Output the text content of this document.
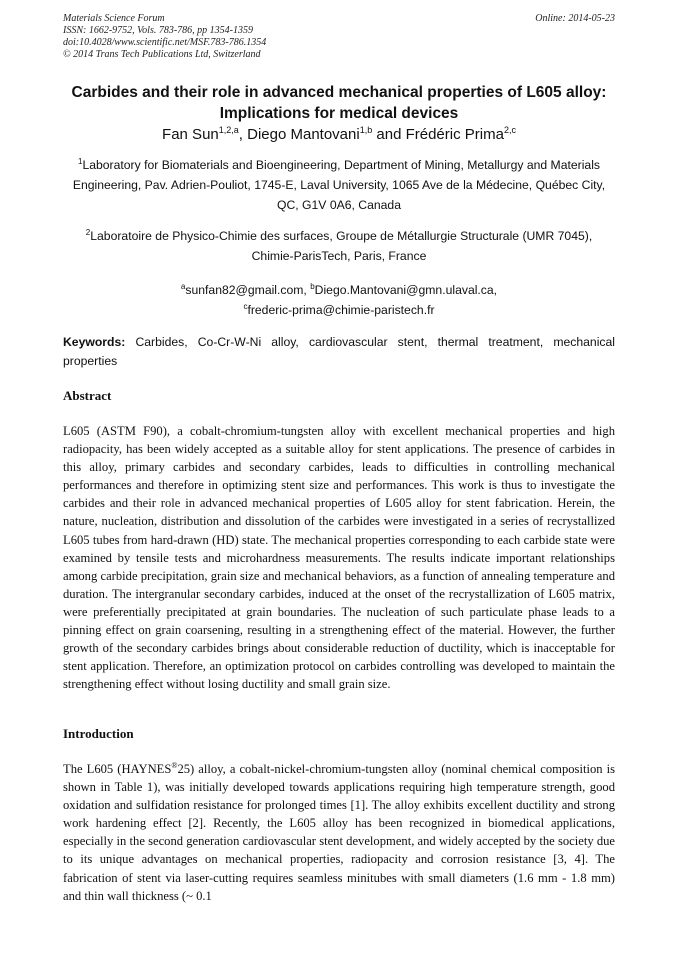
Materials Science Forum
ISSN: 1662-9752, Vols. 783-786, pp 1354-1359
doi:10.4028/www.scientific.net/MSF.783-786.1354
© 2014 Trans Tech Publications Ltd, Switzerland
Online: 2014-05-23
Carbides and their role in advanced mechanical properties of L605 alloy:
Implications for medical devices
Fan Sun$^{1,2,a}$, Diego Mantovani$^{1,b}$ and Frédéric Prima$^{2,c}$
$^1$Laboratory for Biomaterials and Bioengineering, Department of Mining, Metallurgy and Materials
Engineering, Pav. Adrien-Pouliot, 1745-E, Laval University, 1065 Ave de la Médecine, Québec City,
QC, G1V 0A6, Canada
$^2$Laboratoire de Physico-Chimie des surfaces, Groupe de Métallurgie Structurale (UMR 7045),
Chimie-ParisTech, Paris, France
$^a$sunfan82@gmail.com, $^b$Diego.Mantovani@gmn.ulaval.ca,
$^c$frederic-prima@chimie-paristech.fr
Keywords: Carbides, Co-Cr-W-Ni alloy, cardiovascular stent, thermal treatment, mechanical properties
Abstract
L605 (ASTM F90), a cobalt-chromium-tungsten alloy with excellent mechanical properties and high radiopacity, has been widely accepted as a suitable alloy for stent applications. The presence of carbides in this alloy, primary carbides and secondary carbides, leads to difficulties in controlling mechanical performances and therefore in optimizing stent size and performances. This work is thus to investigate the carbides and their role in advanced mechanical properties of L605 alloy for stent fabrication. Herein, the nature, nucleation, distribution and dissolution of the carbides were investigated in a series of recrystallized L605 tubes from hard-drawn (HD) state. The mechanical properties corresponding to each carbide state were examined by tensile tests and microhardness measurements. The results indicate important relationships among carbide precipitation, grain size and mechanical behaviors, as a function of annealing temperature and duration. The intergranular secondary carbides, induced at the onset of the recrystallization of L605 matrix, were preferentially precipitated at grain boundaries. The nucleation of such particulate phase leads to a pinning effect on grain coarsening, resulting in a strengthening effect of the material. However, the further growth of the secondary carbides brings about considerable reduction of ductility, which is inacceptable for stent application. Therefore, an optimization protocol on carbides controlling was developed to maintain the strengthening effect without losing ductility and small grain size.
Introduction
The L605 (HAYNES®25) alloy, a cobalt-nickel-chromium-tungsten alloy (nominal chemical composition is shown in Table 1), was initially developed towards applications requiring high temperature strength, good oxidation and sulfidation resistance for prolonged times [1]. The alloy exhibits excellent ductility and strong work hardening effect [2]. Recently, the L605 alloy has been recognized in biomedical applications, especially in the second generation cardiovascular stent development, and widely accepted by the society due to its unique advantages on mechanical properties, radiopacity and corrosion resistance [3, 4]. The fabrication of stent via laser-cutting requires seamless minitubes with small diameters (1.6 mm - 1.8 mm) and thin wall thickness (~ 0.1
